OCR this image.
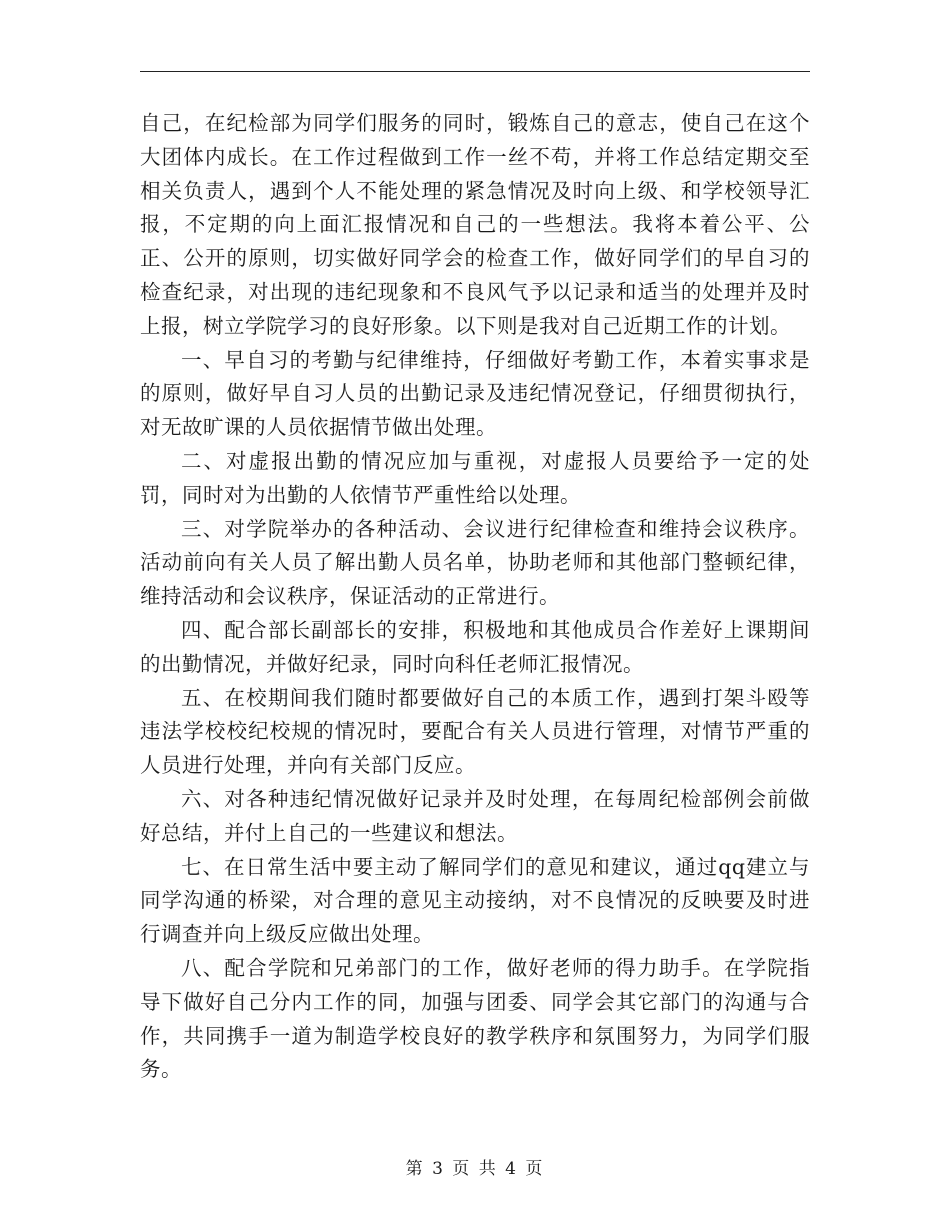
自己，在纪检部为同学们服务的同时，锻炼自己的意志，使自己在这个大团体内成长。在工作过程做到工作一丝不苟，并将工作总结定期交至相关负责人，遇到个人不能处理的紧急情况及时向上级、和学校领导汇报，不定期的向上面汇报情况和自己的一些想法。我将本着公平、公正、公开的原则，切实做好同学会的检查工作，做好同学们的早自习的检查纪录，对出现的违纪现象和不良风气予以记录和适当的处理并及时上报，树立学院学习的良好形象。以下则是我对自己近期工作的计划。

一、早自习的考勤与纪律维持，仔细做好考勤工作，本着实事求是的原则，做好早自习人员的出勤记录及违纪情况登记，仔细贯彻执行，对无故旷课的人员依据情节做出处理。

二、对虚报出勤的情况应加与重视，对虚报人员要给予一定的处罚，同时对为出勤的人依情节严重性给以处理。

三、对学院举办的各种活动、会议进行纪律检查和维持会议秩序。活动前向有关人员了解出勤人员名单，协助老师和其他部门整顿纪律，维持活动和会议秩序，保证活动的正常进行。

四、配合部长副部长的安排，积极地和其他成员合作差好上课期间的出勤情况，并做好纪录，同时向科任老师汇报情况。

五、在校期间我们随时都要做好自己的本质工作，遇到打架斗殴等违法学校校纪校规的情况时，要配合有关人员进行管理，对情节严重的人员进行处理，并向有关部门反应。

六、对各种违纪情况做好记录并及时处理，在每周纪检部例会前做好总结，并付上自己的一些建议和想法。

七、在日常生活中要主动了解同学们的意见和建议，通过qq建立与同学沟通的桥梁，对合理的意见主动接纳，对不良情况的反映要及时进行调查并向上级反应做出处理。

八、配合学院和兄弟部门的工作，做好老师的得力助手。在学院指导下做好自己分内工作的同，加强与团委、同学会其它部门的沟通与合作，共同携手一道为制造学校良好的教学秩序和氛围努力，为同学们服务。

第 3 页 共 4 页
